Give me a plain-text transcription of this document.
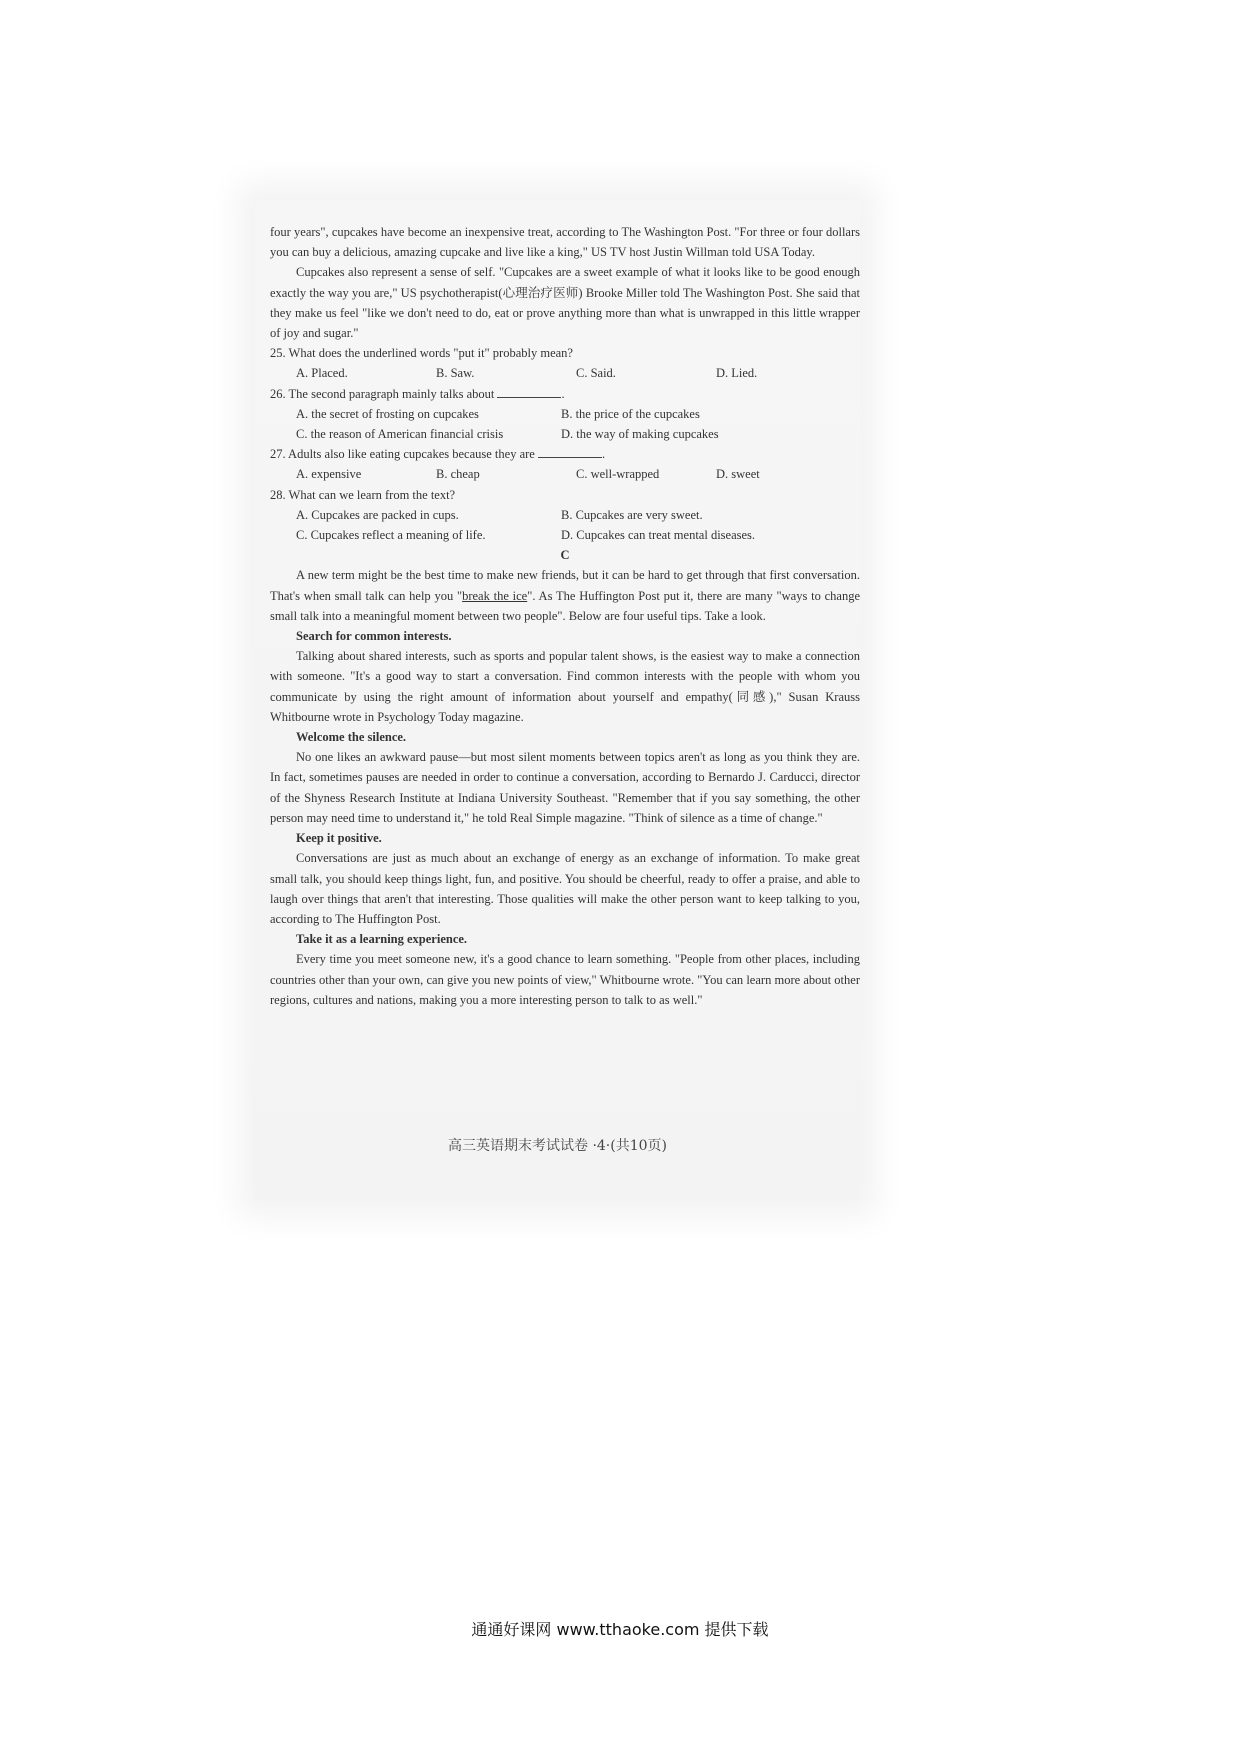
four years", cupcakes have become an inexpensive treat, according to The Washington Post. "For three or four dollars you can buy a delicious, amazing cupcake and live like a king," US TV host Justin Willman told USA Today.

Cupcakes also represent a sense of self. "Cupcakes are a sweet example of what it looks like to be good enough exactly the way you are," US psychotherapist(心理治疗医师) Brooke Miller told The Washington Post. She said that they make us feel "like we don't need to do, eat or prove anything more than what is unwrapped in this little wrapper of joy and sugar."

25. What does the underlined words "put it" probably mean?

A. Placed.	B. Saw.	C. Said.	D. Lied.

26. The second paragraph mainly talks about	.

A. the secret of frosting on cupcakes	B. the price of the cupcakes
C. the reason of American financial crisis	D. the way of making cupcakes

27. Adults also like eating cupcakes because they are	.

A. expensive	B. cheap	C. well-wrapped	D. sweet

28. What can we learn from the text?

A. Cupcakes are packed in cups.	B. Cupcakes are very sweet.
C. Cupcakes reflect a meaning of life.	D. Cupcakes can treat mental diseases.

C

A new term might be the best time to make new friends, but it can be hard to get through that first conversation. That's when small talk can help you "break the ice". As The Huffington Post put it, there are many "ways to change small talk into a meaningful moment between two people". Below are four useful tips. Take a look.

Search for common interests.

Talking about shared interests, such as sports and popular talent shows, is the easiest way to make a connection with someone. "It's a good way to start a conversation. Find common interests with the people with whom you communicate by using the right amount of information about yourself and empathy(同感)," Susan Krauss Whitbourne wrote in Psychology Today magazine.

Welcome the silence.

No one likes an awkward pause—but most silent moments between topics aren't as long as you think they are. In fact, sometimes pauses are needed in order to continue a conversation, according to Bernardo J. Carducci, director of the Shyness Research Institute at Indiana University Southeast. "Remember that if you say something, the other person may need time to understand it," he told Real Simple magazine. "Think of silence as a time of change."

Keep it positive.

Conversations are just as much about an exchange of energy as an exchange of information. To make great small talk, you should keep things light, fun, and positive. You should be cheerful, ready to offer a praise, and able to laugh over things that aren't that interesting. Those qualities will make the other person want to keep talking to you, according to The Huffington Post.

Take it as a learning experience.

Every time you meet someone new, it's a good chance to learn something. "People from other places, including countries other than your own, can give you new points of view," Whitbourne wrote. "You can learn more about other regions, cultures and nations, making you a more interesting person to talk to as well."

高三英语期末考试试卷 ·4·(共10页)
通通好课网 www.tthaoke.com 提供下载
